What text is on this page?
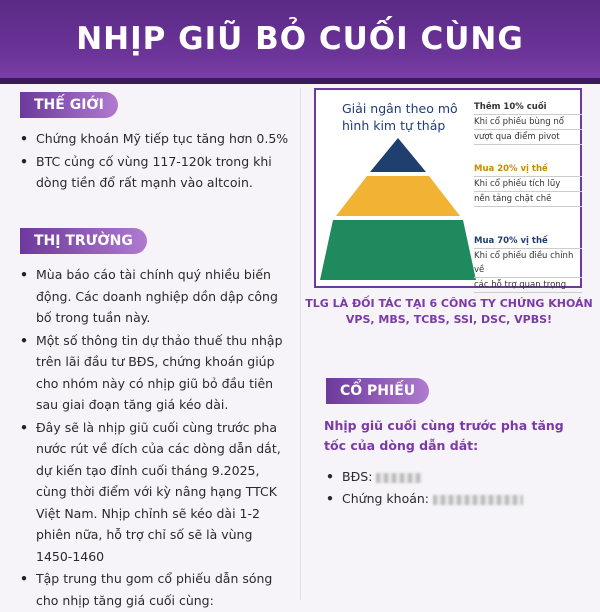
NHỊP GIŨ BỎ CUỐI CÙNG
THẾ GIỚI
• Chứng khoán Mỹ tiếp tục tăng hơn 0.5%
• BTC củng cố vùng 117-120k trong khi dòng tiền đổ rất mạnh vào altcoin.
THỊ TRƯỜNG
• Mùa báo cáo tài chính quý nhiều biến động. Các doanh nghiệp dồn dập công bố trong tuần này.
• Một số thông tin dự thảo thuế thu nhập trên lãi đầu tư BĐS, chứng khoán giúp cho nhóm này có nhịp giũ bỏ đầu tiên sau giai đoạn tăng giá kéo dài.
• Đây sẽ là nhịp giũ cuối cùng trước pha nước rút về đích của các dòng dẫn dắt, dự kiến tạo đỉnh cuối tháng 9.2025, cùng thời điểm với kỳ nâng hạng TTCK Việt Nam. Nhịp chỉnh sẽ kéo dài 1-2 phiên nữa, hỗ trợ chỉ số sẽ là vùng 1450-1460
• Tập trung thu gom cổ phiếu dẫn sóng cho nhịp tăng giá cuối cùng:
Giải ngân theo mô hình kim tự tháp
Thêm 10% cuối
Khi cổ phiếu bùng nổ
vượt qua điểm pivot
Mua 20% vị thế
Khi cổ phiếu tích lũy
nền tảng chặt chẽ
Mua 70% vị thế
Khi cổ phiếu điều chỉnh về
các hỗ trợ quan trọng
TLG LÀ ĐỐI TÁC TẠI 6 CÔNG TY CHỨNG KHOÁN VPS, MBS, TCBS, SSI, DSC, VPBS!
CỔ PHIẾU
Nhịp giũ cuối cùng trước pha tăng tốc của dòng dẫn dắt:
• BĐS:
• Chứng khoán:
